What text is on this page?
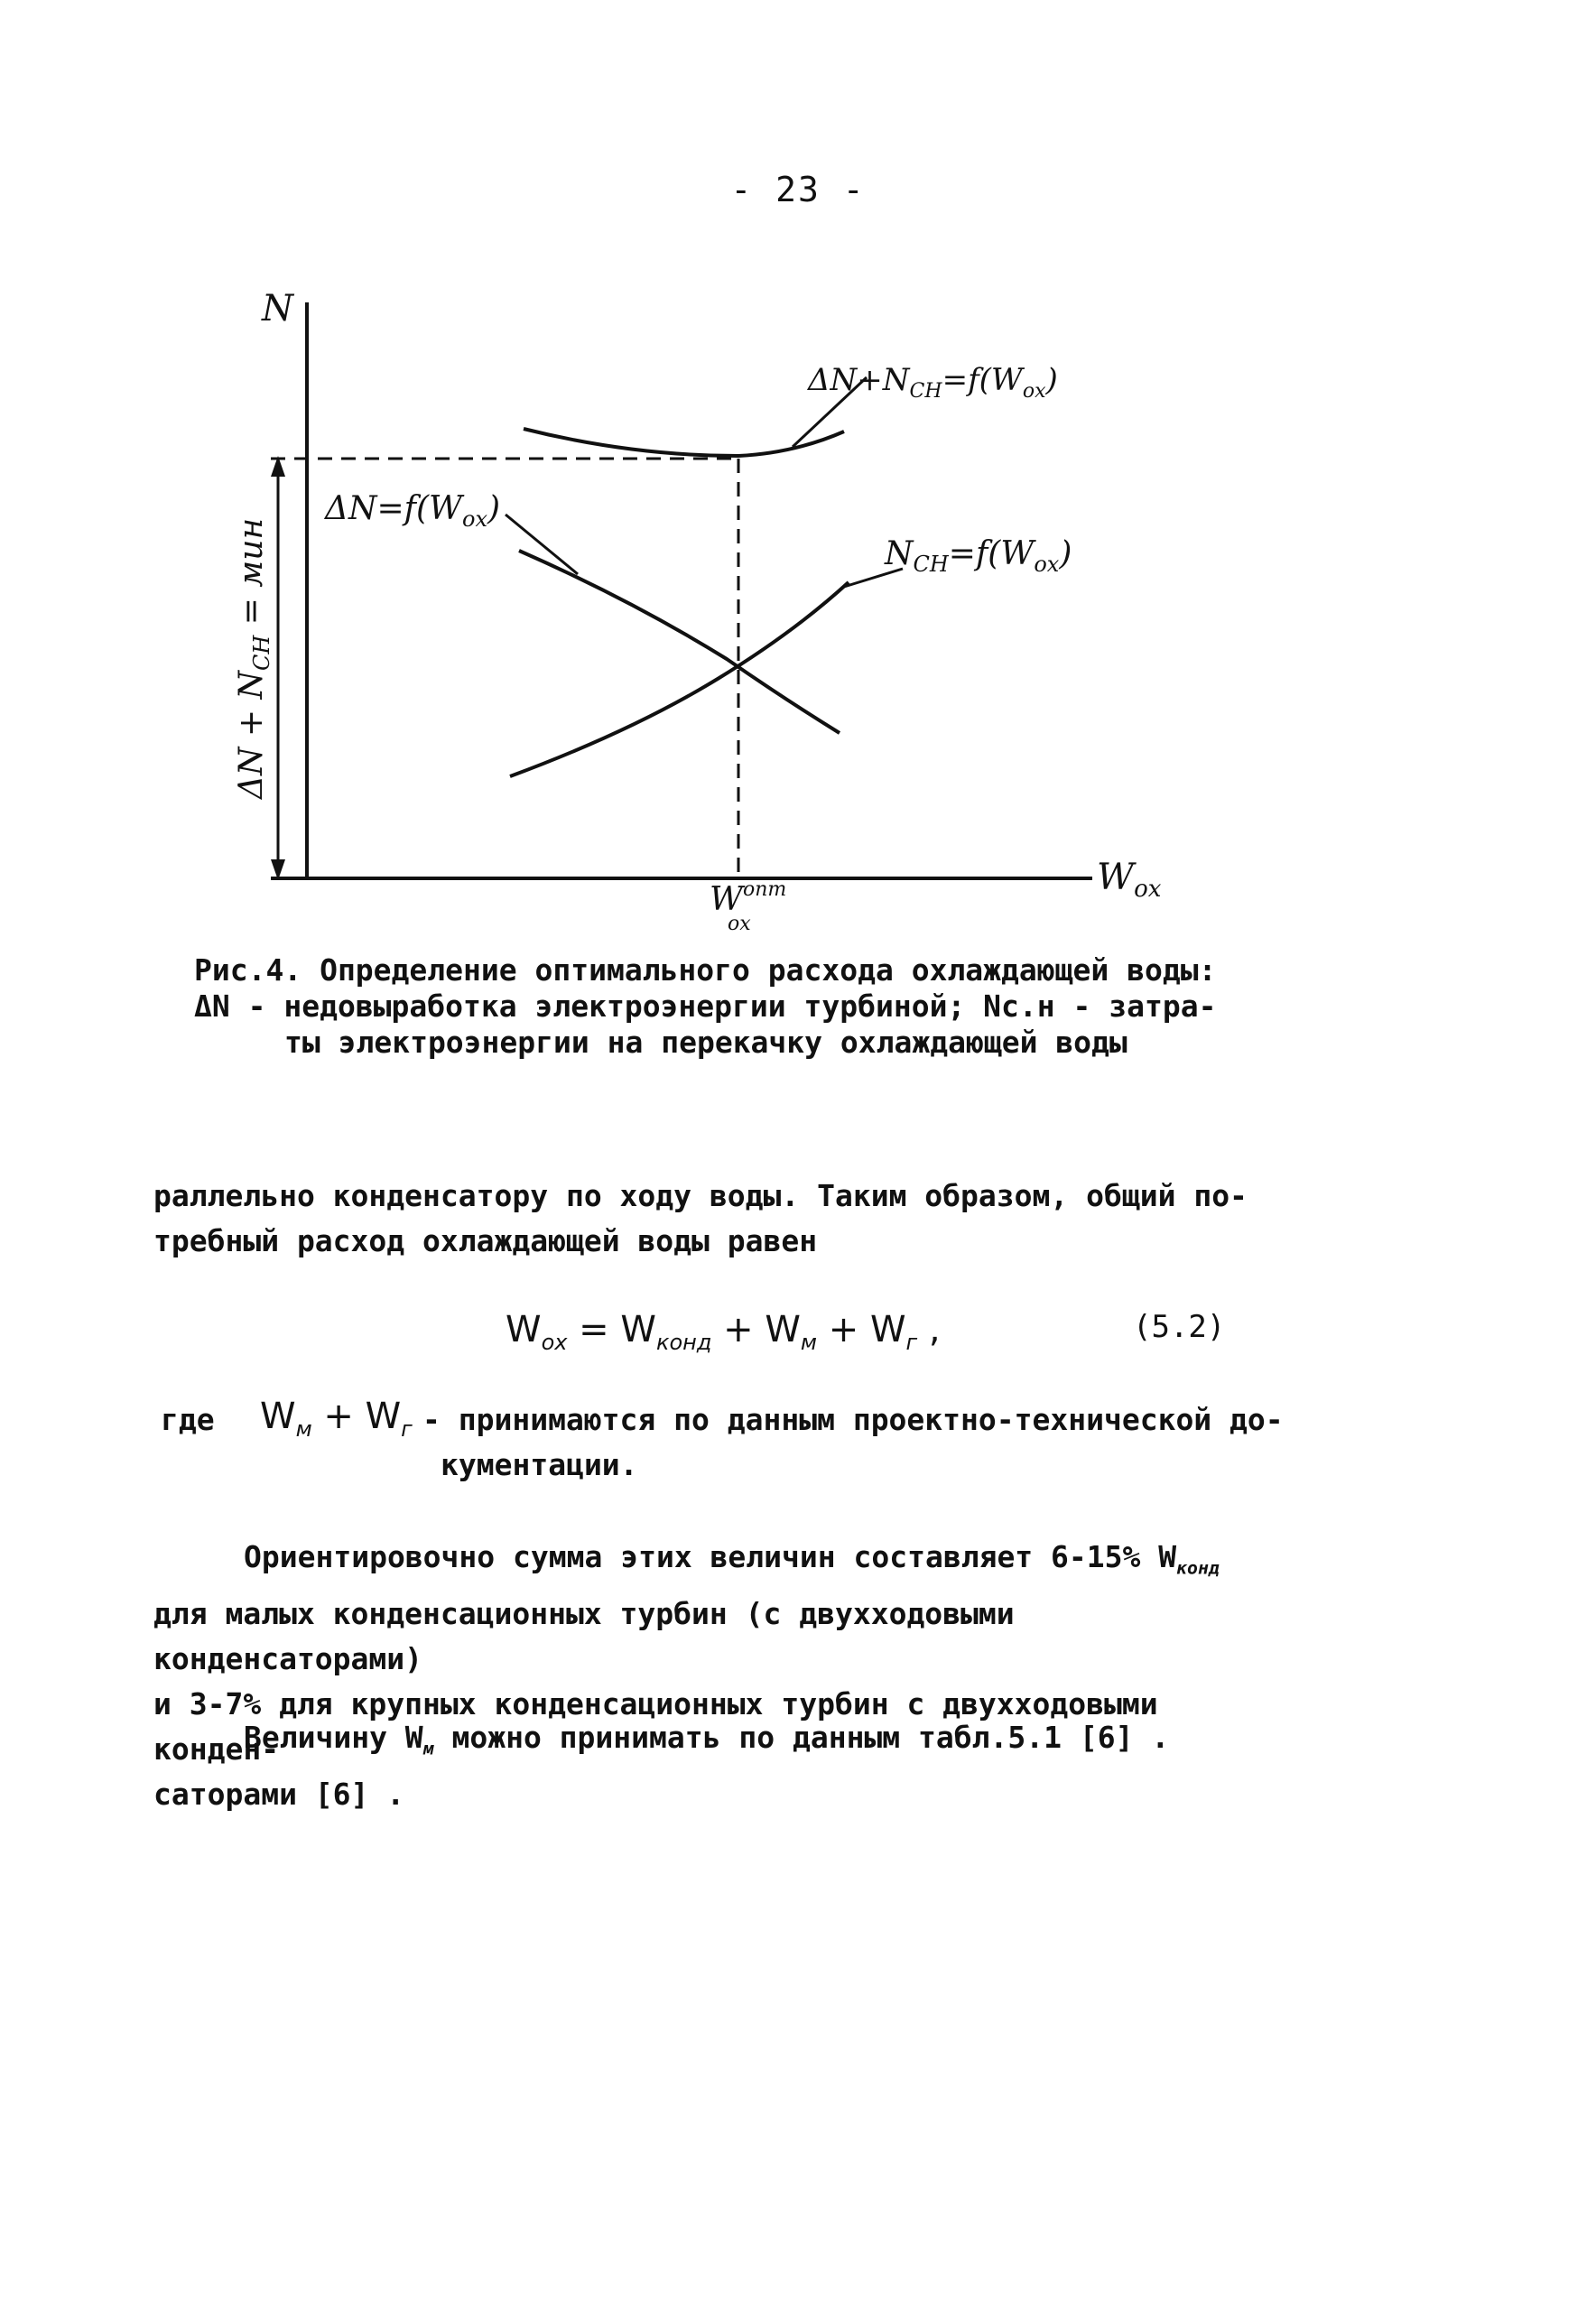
- 23 -
N
$W_{ох}$
$W^{опт}$
ох
$\Delta N + N_{СН}$ = мин
$\Delta N+N_{СН}=f(W_{ох})$
$\Delta N=f(W_{ох})$
$N_{СН}=f(W_{ох})$
Рис.4. Определение оптимального расхода охлаждающей воды:
ΔN - недовыработка электроэнергии турбиной; Nс.н - затра-
ты электроэнергии на перекачку охлаждающей воды
раллельно конденсатору по ходу воды. Таким образом, общий по-
требный расход охлаждающей воды равен
$W_{ох} = W_{конд} + W_м + W_г$ ,	(5.2)
где $W_м + W_г$ - принимаются по данным проектно-технической до-
кументации.
Ориентировочно сумма этих величин составляет 6-15% $W_{конд}$
для малых конденсационных турбин (с двухходовыми конденсаторами)
и 3-7% для крупных конденсационных турбин с двухходовыми конден-
саторами [6] .
Величину $W_м$ можно принимать по данным табл.5.1 [6] .
